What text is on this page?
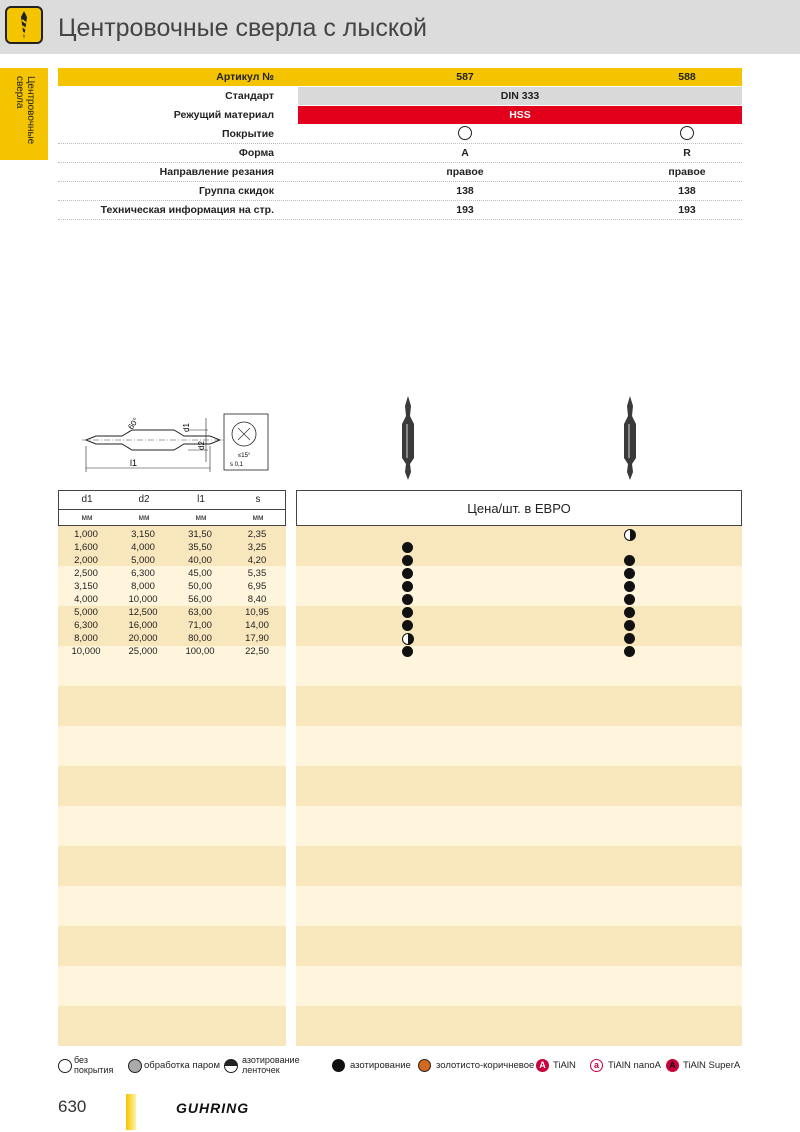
Центровочные сверла с лыской
Центровочные сверла	Артикул №	587	588
Стандарт	DIN 333
Режущий материал	HSS
Покрытие
Форма	A	R
Направление резания	правое	правое
Группа скидок	138	138
Техническая информация на стр.	193	193
l1
d1
d2
60°
≤15°
s 0,1
d1	d2	l1	s
мм	мм	мм	мм
Цена/шт. в ЕВРО
1,000	3,150	31,50	2,35
1,600	4,000	35,50	3,25
2,000	5,000	40,00	4,20
2,500	6,300	45,00	5,35
3,150	8,000	50,00	6,95
4,000	10,000	56,00	8,40
5,000	12,500	63,00	10,95
6,300	16,000	71,00	14,00
8,000	20,000	80,00	17,90
10,000	25,000	100,00	22,50
без покрытия	обработка паром азотирование ленточек	азотирование	золотисто-коричневое A TiAlN	a TiAlN nanoA A TiAlN SuperA
630	GUHRING
